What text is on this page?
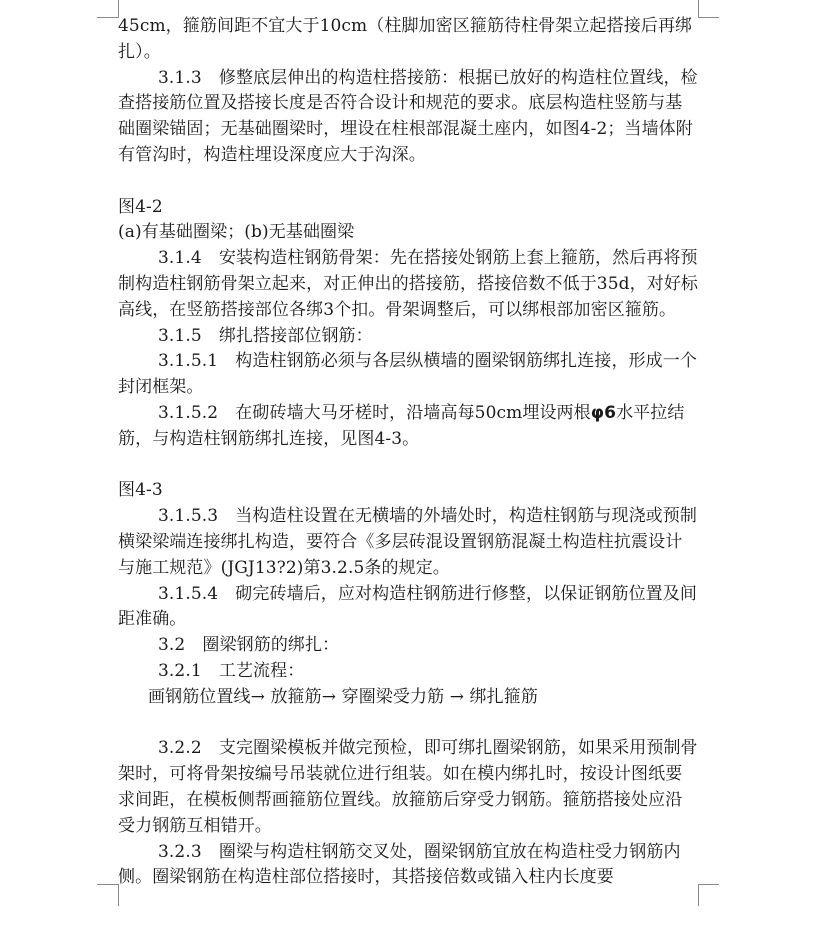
45cm，箍筋间距不宜大于10cm（柱脚加密区箍筋待柱骨架立起搭接后再绑扎）。

3.1.3　修整底层伸出的构造柱搭接筋：根据已放好的构造柱位置线，检查搭接筋位置及搭接长度是否符合设计和规范的要求。底层构造柱竖筋与基础圈梁锚固；无基础圈梁时，埋设在柱根部混凝土座内，如图4-2；当墙体附有管沟时，构造柱埋设深度应大于沟深。

图4-2

(a)有基础圈梁；(b)无基础圈梁

3.1.4　安装构造柱钢筋骨架：先在搭接处钢筋上套上箍筋，然后再将预制构造柱钢筋骨架立起来，对正伸出的搭接筋，搭接倍数不低于35d，对好标高线，在竖筋搭接部位各绑3个扣。骨架调整后，可以绑根部加密区箍筋。

3.1.5　绑扎搭接部位钢筋：

3.1.5.1　构造柱钢筋必须与各层纵横墙的圈梁钢筋绑扎连接，形成一个封闭框架。

3.1.5.2　在砌砖墙大马牙槎时，沿墙高每50cm埋设两根φ6水平拉结筋，与构造柱钢筋绑扎连接，见图4-3。

图4-3

3.1.5.3　当构造柱设置在无横墙的外墙处时，构造柱钢筋与现浇或预制横梁梁端连接绑扎构造，要符合《多层砖混设置钢筋混凝土构造柱抗震设计与施工规范》(JGJ13?2)第3.2.5条的规定。

3.1.5.4　砌完砖墙后，应对构造柱钢筋进行修整，以保证钢筋位置及间距准确。

3.2　圈梁钢筋的绑扎：

3.2.1　工艺流程：

画钢筋位置线→ 放箍筋→ 穿圈梁受力筋 → 绑扎箍筋

3.2.2　支完圈梁模板并做完预检，即可绑扎圈梁钢筋，如果采用预制骨架时，可将骨架按编号吊装就位进行组装。如在模内绑扎时，按设计图纸要求间距，在模板侧帮画箍筋位置线。放箍筋后穿受力钢筋。箍筋搭接处应沿受力钢筋互相错开。

3.2.3　圈梁与构造柱钢筋交叉处，圈梁钢筋宜放在构造柱受力钢筋内侧。圈梁钢筋在构造柱部位搭接时，其搭接倍数或锚入柱内长度要
